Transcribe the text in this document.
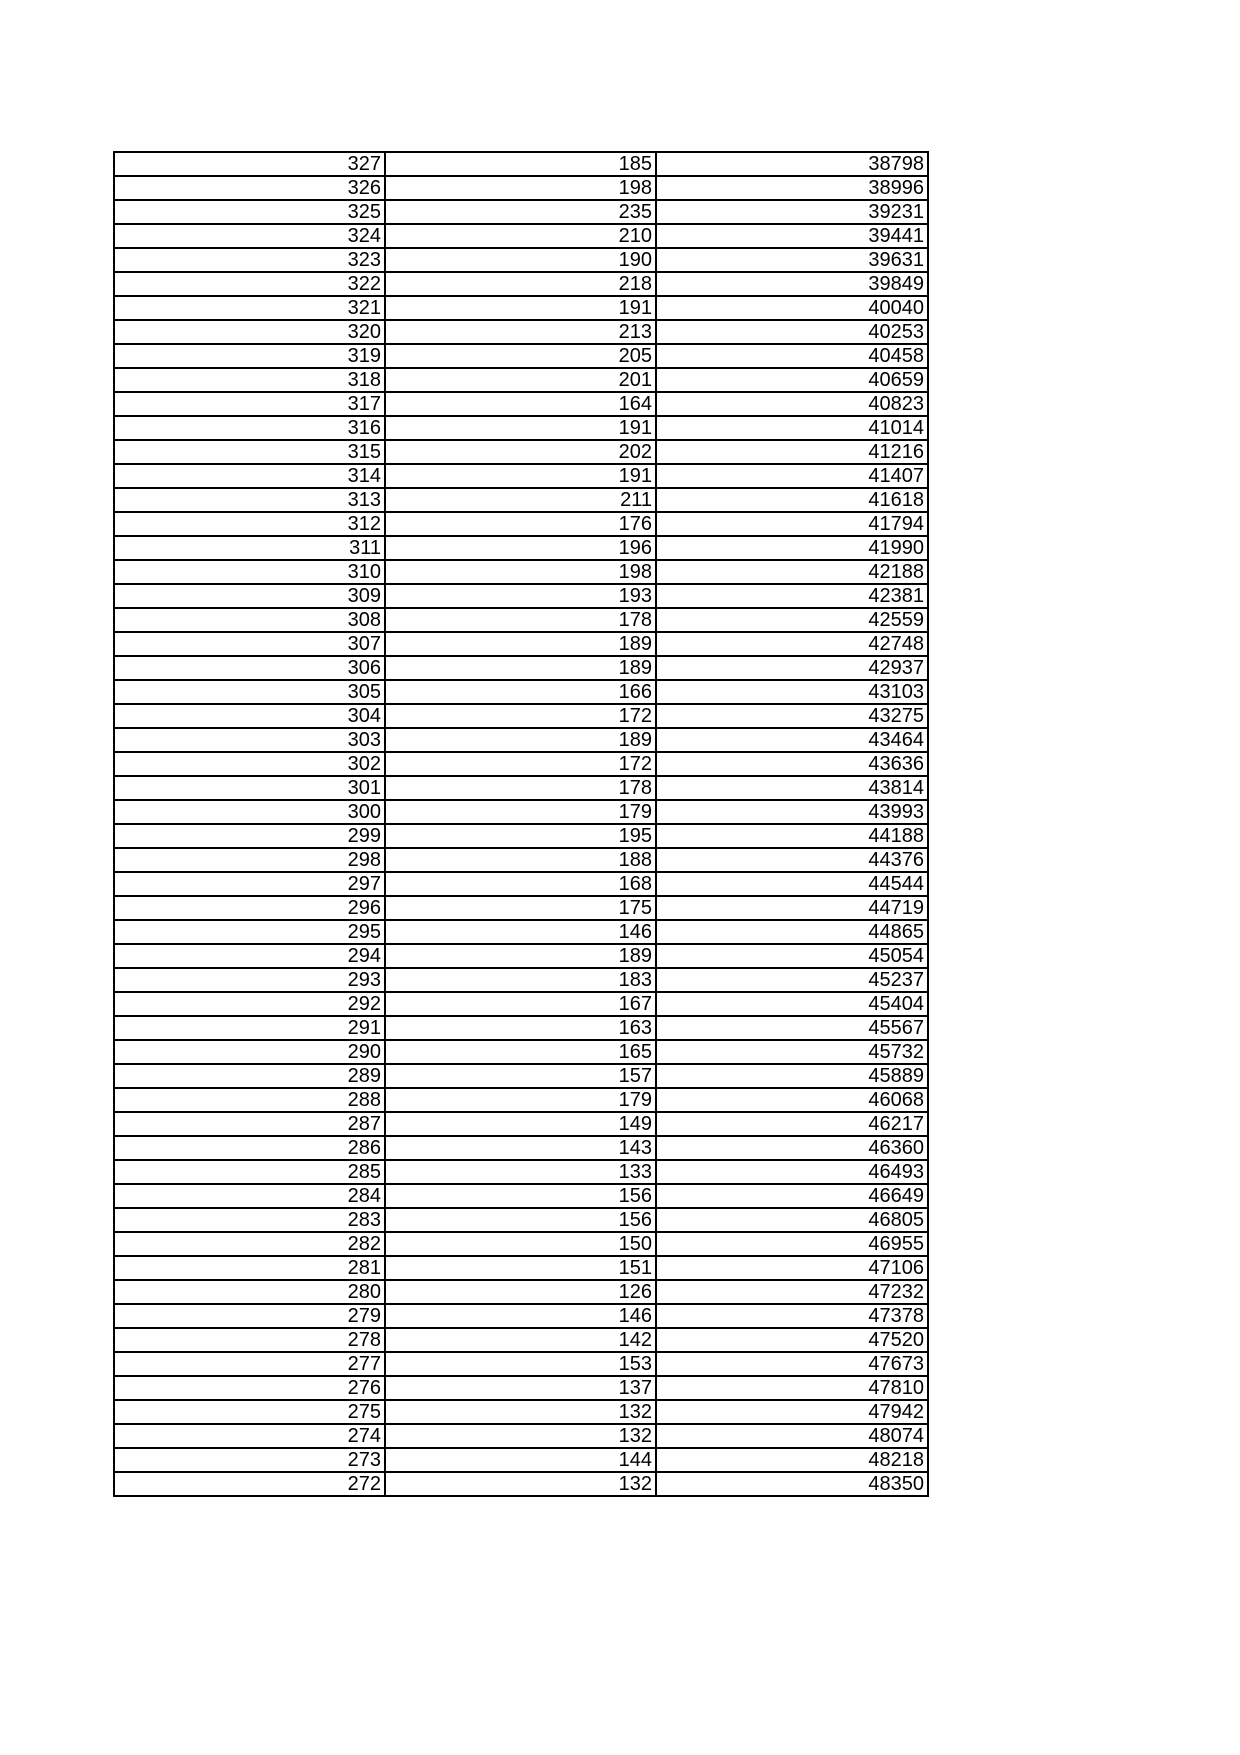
327	185	38798
326	198	38996
325	235	39231
324	210	39441
323	190	39631
322	218	39849
321	191	40040
320	213	40253
319	205	40458
318	201	40659
317	164	40823
316	191	41014
315	202	41216
314	191	41407
313	211	41618
312	176	41794
311	196	41990
310	198	42188
309	193	42381
308	178	42559
307	189	42748
306	189	42937
305	166	43103
304	172	43275
303	189	43464
302	172	43636
301	178	43814
300	179	43993
299	195	44188
298	188	44376
297	168	44544
296	175	44719
295	146	44865
294	189	45054
293	183	45237
292	167	45404
291	163	45567
290	165	45732
289	157	45889
288	179	46068
287	149	46217
286	143	46360
285	133	46493
284	156	46649
283	156	46805
282	150	46955
281	151	47106
280	126	47232
279	146	47378
278	142	47520
277	153	47673
276	137	47810
275	132	47942
274	132	48074
273	144	48218
272	132	48350
